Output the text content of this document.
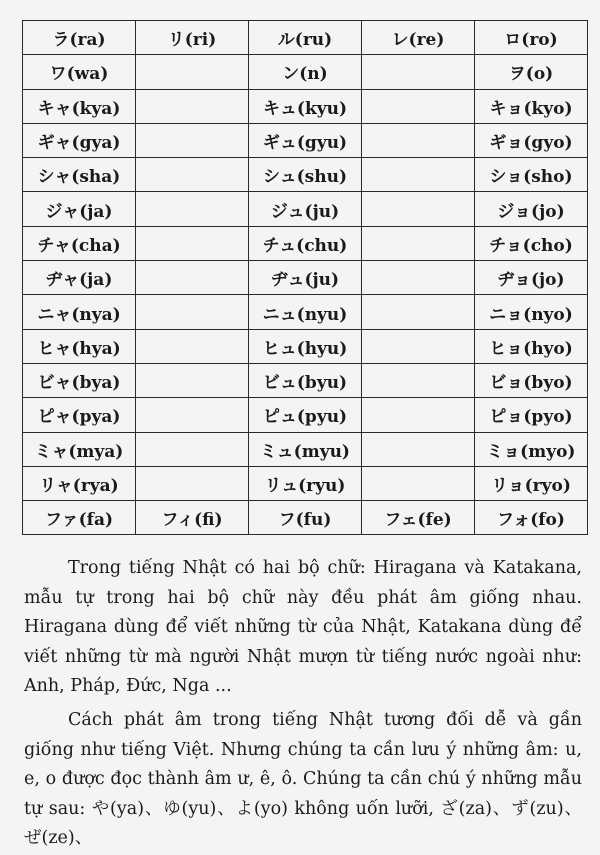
ラ(ra)	リ(ri)	ル(ru)	レ(re)	ロ(ro)
ワ(wa)		ン(n)		ヲ(o)
キャ(kya)		キュ(kyu)		キョ(kyo)
ギャ(gya)		ギュ(gyu)		ギョ(gyo)
シャ(sha)		シュ(shu)		ショ(sho)
ジャ(ja)		ジュ(ju)		ジョ(jo)
チャ(cha)		チュ(chu)		チョ(cho)
ヂャ(ja)		ヂュ(ju)		ヂョ(jo)
ニャ(nya)		ニュ(nyu)		ニョ(nyo)
ヒャ(hya)		ヒュ(hyu)		ヒョ(hyo)
ビャ(bya)		ビュ(byu)		ビョ(byo)
ピャ(pya)		ピュ(pyu)		ピョ(pyo)
ミャ(mya)		ミュ(myu)		ミョ(myo)
リャ(rya)		リュ(ryu)		リョ(ryo)
ファ(fa)	フィ(fi)	フ(fu)	フェ(fe)	フォ(fo)

Trong tiếng Nhật có hai bộ chữ: Hiragana và Katakana, mẫu tự trong hai bộ chữ này đều phát âm giống nhau. Hiragana dùng để viết những từ của Nhật, Katakana dùng để viết những từ mà người Nhật mượn từ tiếng nước ngoài như: Anh, Pháp, Đức, Nga ...

Cách phát âm trong tiếng Nhật tương đối dễ và gần giống như tiếng Việt. Nhưng chúng ta cần lưu ý những âm: u, e, o được đọc thành âm ư, ê, ô. Chúng ta cần chú ý những mẫu tự sau: や(ya)、ゆ(yu)、よ(yo) không uốn lưỡi, ざ(za)、ず(zu)、ぜ(ze)、
